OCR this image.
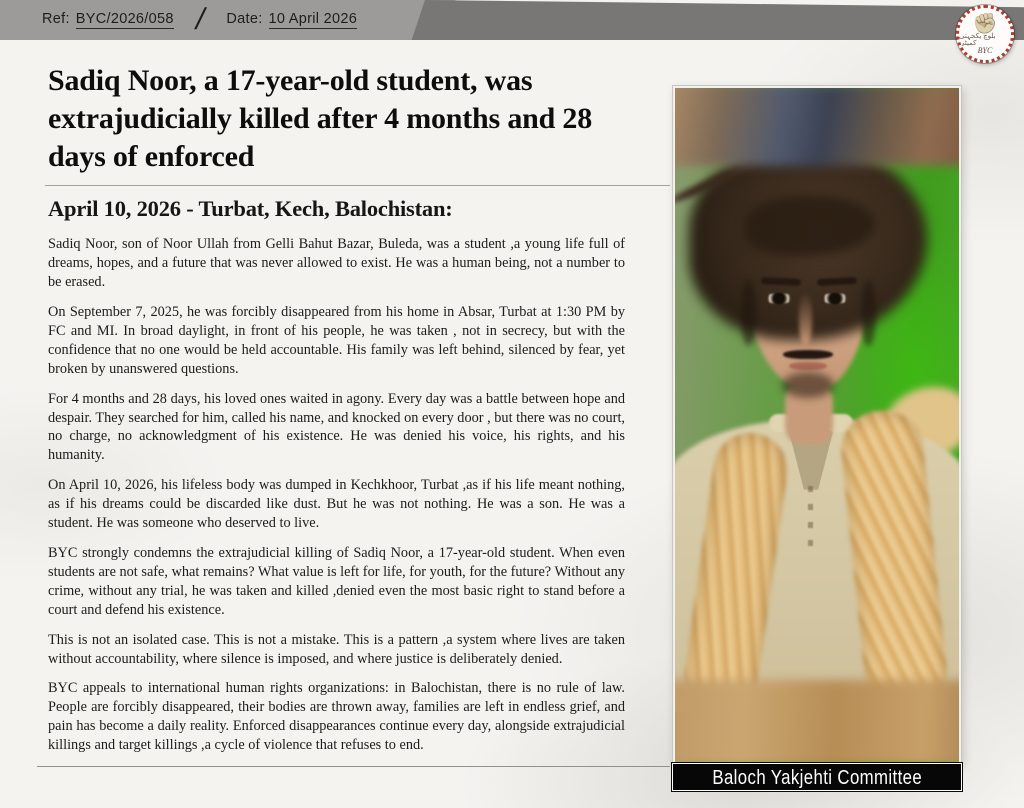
Ref: BYC/2026/058 / Date: 10 April 2026	✊
بلوچ یکجہتی کمیٹی
BYC
Sadiq Noor, a 17-year-old student, was extrajudicially killed after 4 months and 28 days of enforced
April 10, 2026 - Turbat, Kech, Balochistan:

Sadiq Noor, son of Noor Ullah from Gelli Bahut Bazar, Buleda, was a student ,a young life full of dreams, hopes, and a future that was never allowed to exist. He was a human being, not a number to be erased.

On September 7, 2025, he was forcibly disappeared from his home in Absar, Turbat at 1:30 PM by FC and MI. In broad daylight, in front of his people, he was taken , not in secrecy, but with the confidence that no one would be held accountable. His family was left behind, silenced by fear, yet broken by unanswered questions.

For 4 months and 28 days, his loved ones waited in agony. Every day was a battle between hope and despair. They searched for him, called his name, and knocked on every door , but there was no court, no charge, no acknowledgment of his existence. He was denied his voice, his rights, and his humanity.

On April 10, 2026, his lifeless body was dumped in Kechkhoor, Turbat ,as if his life meant nothing, as if his dreams could be discarded like dust. But he was not nothing. He was a son. He was a student. He was someone who deserved to live.

BYC strongly condemns the extrajudicial killing of Sadiq Noor, a 17-year-old student. When even students are not safe, what remains? What value is left for life, for youth, for the future? Without any crime, without any trial, he was taken and killed ,denied even the most basic right to stand before a court and defend his existence.

This is not an isolated case. This is not a mistake. This is a pattern ,a system where lives are taken without accountability, where silence is imposed, and where justice is deliberately denied.

BYC appeals to international human rights organizations: in Balochistan, there is no rule of law. People are forcibly disappeared, their bodies are thrown away, families are left in endless grief, and pain has become a daily reality. Enforced disappearances continue every day, alongside extrajudicial killings and target killings ,a cycle of violence that refuses to end.

Baloch Yakjehti Committee
